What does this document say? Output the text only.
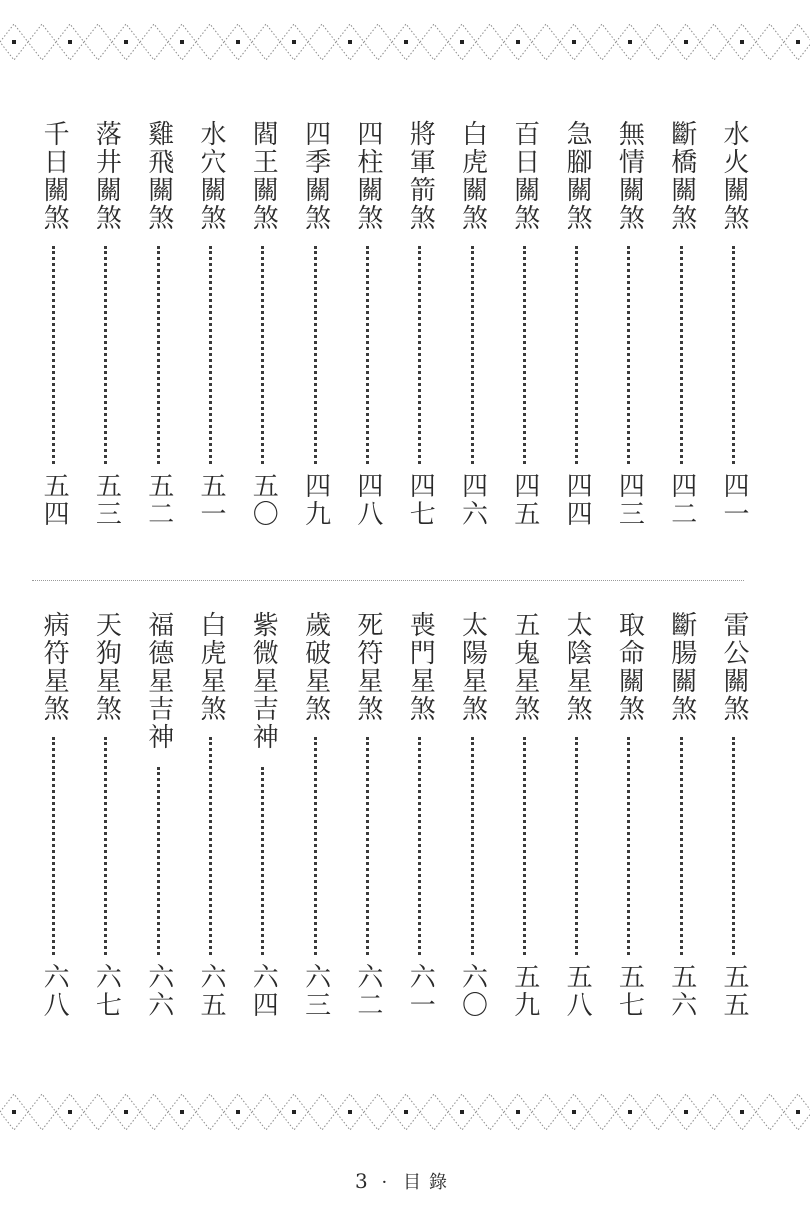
水火關煞
四一
斷橋關煞
四二
無情關煞
四三
急腳關煞
四四
百日關煞
四五
白虎關煞
四六
將軍箭煞
四七
四柱關煞
四八
四季關煞
四九
閻王關煞
五〇
水穴關煞
五一
雞飛關煞
五二
落井關煞
五三
千日關煞
五四
雷公關煞
五五
斷腸關煞
五六
取命關煞
五七
太陰星煞
五八
五鬼星煞
五九
太陽星煞
六〇
喪門星煞
六一
死符星煞
六二
歲破星煞
六三
紫微星吉神
六四
白虎星煞
六五
福德星吉神
六六
天狗星煞
六七
病符星煞
六八
3 · 目錄
